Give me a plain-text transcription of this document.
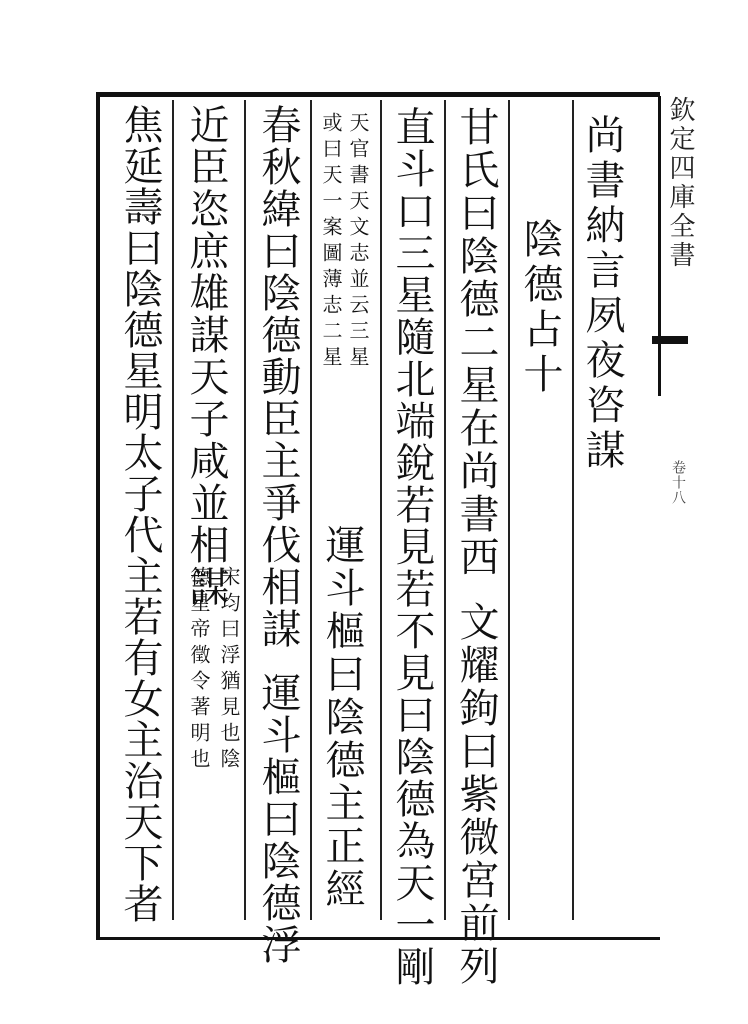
欽定四庫全書
卷十八
尚書納言夙夜咨謀
陰德占十
甘氏曰陰德二星在尚書西文耀鉤曰紫微宮前列
直斗口三星隨北端銳若見若不見曰陰德為天一剛
天官書天文志並云三星
或曰天一案圖薄志二星
運斗樞曰陰德主正經
春秋緯曰陰德動臣主爭伐相謀運斗樞曰陰德浮
近臣恣庶雄謀天子咸並相謀
宋均曰浮猶見也陰
德星帝徵令著明也
焦延壽曰陰德星明太子代主若有女主治天下者
